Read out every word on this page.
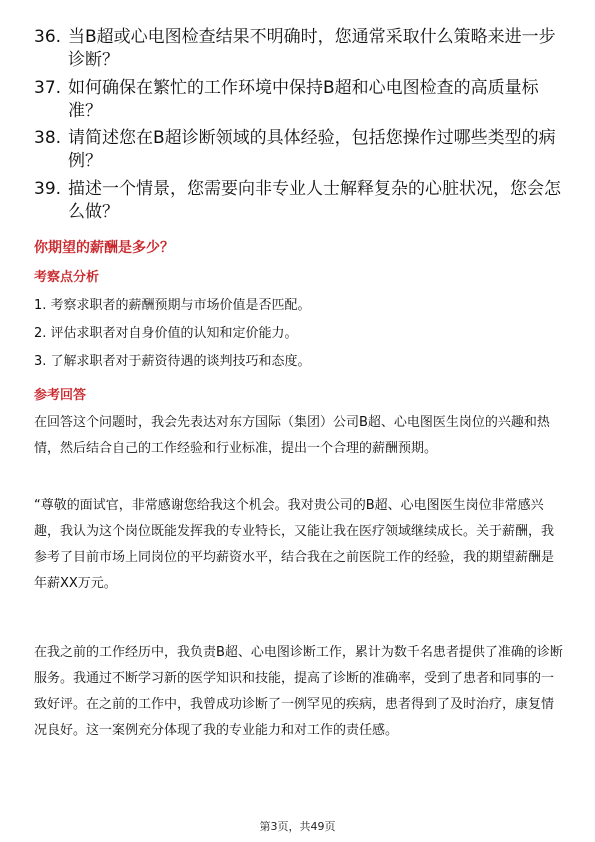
36. 当B超或心电图检查结果不明确时，您通常采取什么策略来进一步诊断？
37. 如何确保在繁忙的工作环境中保持B超和心电图检查的高质量标准？
38. 请简述您在B超诊断领域的具体经验，包括您操作过哪些类型的病例？
39. 描述一个情景，您需要向非专业人士解释复杂的心脏状况，您会怎么做？
你期望的薪酬是多少？
考察点分析
1. 考察求职者的薪酬预期与市场价值是否匹配。
2. 评估求职者对自身价值的认知和定价能力。
3. 了解求职者对于薪资待遇的谈判技巧和态度。
参考回答
在回答这个问题时，我会先表达对东方国际（集团）公司B超、心电图医生岗位的兴趣和热情，然后结合自己的工作经验和行业标准，提出一个合理的薪酬预期。
“尊敬的面试官，非常感谢您给我这个机会。我对贵公司的B超、心电图医生岗位非常感兴趣，我认为这个岗位既能发挥我的专业特长，又能让我在医疗领域继续成长。关于薪酬，我参考了目前市场上同岗位的平均薪资水平，结合我在之前医院工作的经验，我的期望薪酬是年薪XX万元。
在我之前的工作经历中，我负责B超、心电图诊断工作，累计为数千名患者提供了准确的诊断服务。我通过不断学习新的医学知识和技能，提高了诊断的准确率，受到了患者和同事的一致好评。在之前的工作中，我曾成功诊断了一例罕见的疾病，患者得到了及时治疗，康复情况良好。这一案例充分体现了我的专业能力和对工作的责任感。
第3页，共49页
